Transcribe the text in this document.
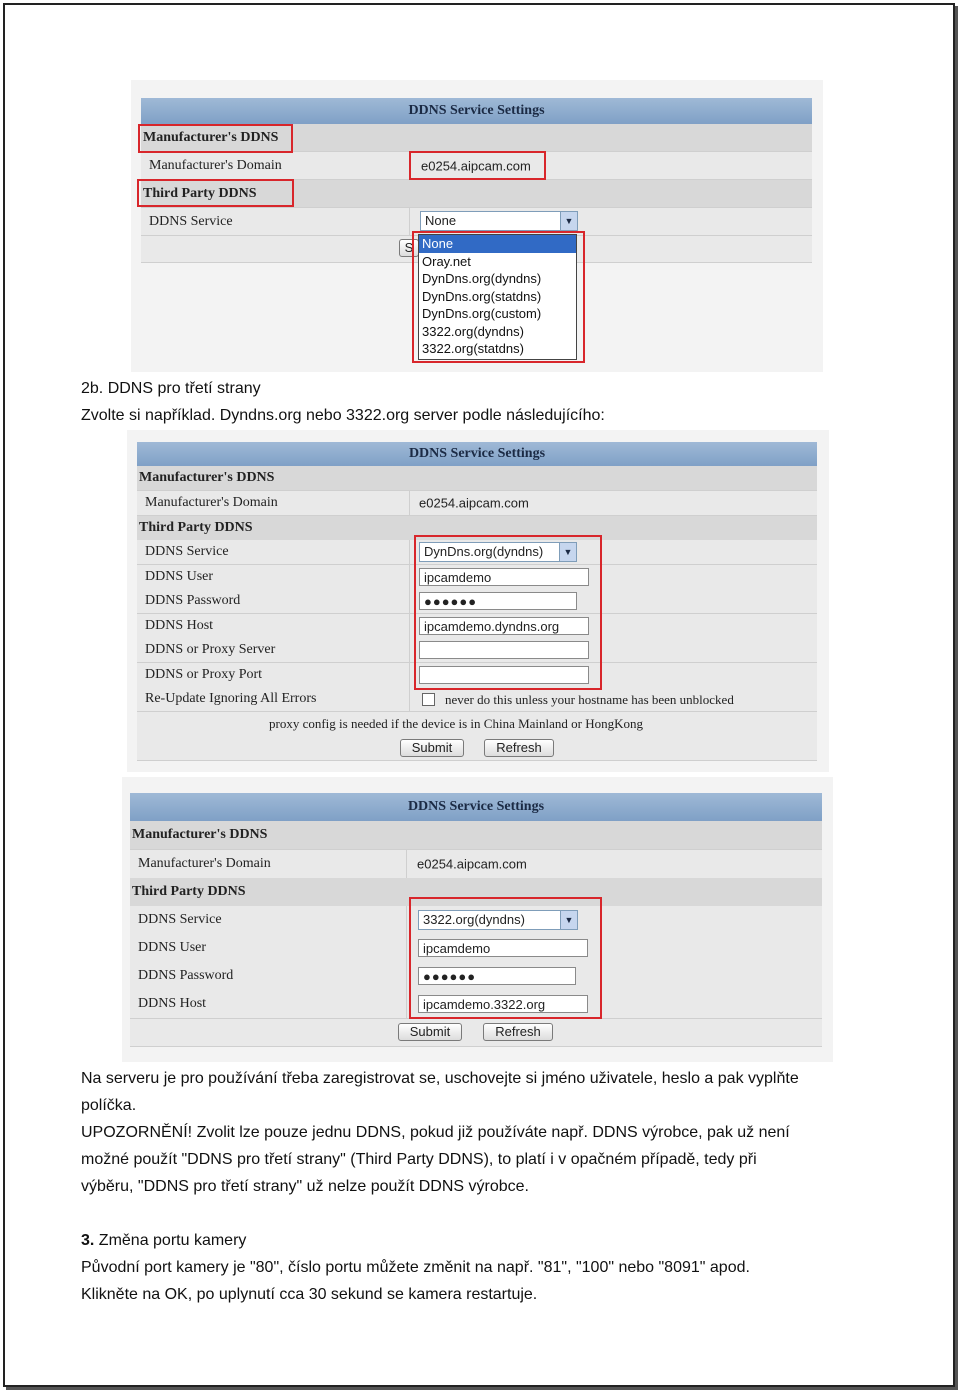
DDNS Service Settings
Manufacturer's DDNS
Manufacturer's Domain	e0254.aipcam.com
Third Party DDNS
DDNS Service	None	▼
S None
Oray.net
DynDns.org(dyndns)
DynDns.org(statdns)
DynDns.org(custom)
3322.org(dyndns)
3322.org(statdns)
2b. DDNS pro třetí strany
Zvolte si například. Dyndns.org nebo 3322.org server podle následujícího:
DDNS Service Settings
Manufacturer's DDNS
Manufacturer's Domain	e0254.aipcam.com
Third Party DDNS
DDNS Service	DynDns.org(dyndns)	▼
DDNS User	ipcamdemo
DDNS Password	●●●●●●
DDNS Host	ipcamdemo.dyndns.org
DDNS or Proxy Server
DDNS or Proxy Port
Re-Update Ignoring All Errors	never do this unless your hostname has been unblocked
proxy config is needed if the device is in China Mainland or HongKong
Submit	Refresh
DDNS Service Settings
Manufacturer's DDNS
Manufacturer's Domain	e0254.aipcam.com
Third Party DDNS
DDNS Service	3322.org(dyndns)	▼
DDNS User	ipcamdemo
DDNS Password	●●●●●●
DDNS Host	ipcamdemo.3322.org
Submit	Refresh
Na serveru je pro používání třeba zaregistrovat se, uschovejte si jméno uživatele, heslo a pak vyplňte
políčka.
UPOZORNĚNÍ! Zvolit lze pouze jednu DDNS, pokud již používáte např. DDNS výrobce, pak už není
možné použít "DDNS pro třetí strany" (Third Party DDNS), to platí i v opačném případě, tedy při
výběru, "DDNS pro třetí strany" už nelze použít DDNS výrobce.
3. Změna portu kamery
Původní port kamery je "80", číslo portu můžete změnit na např. "81", "100" nebo "8091" apod.
Klikněte na OK, po uplynutí cca 30 sekund se kamera restartuje.
